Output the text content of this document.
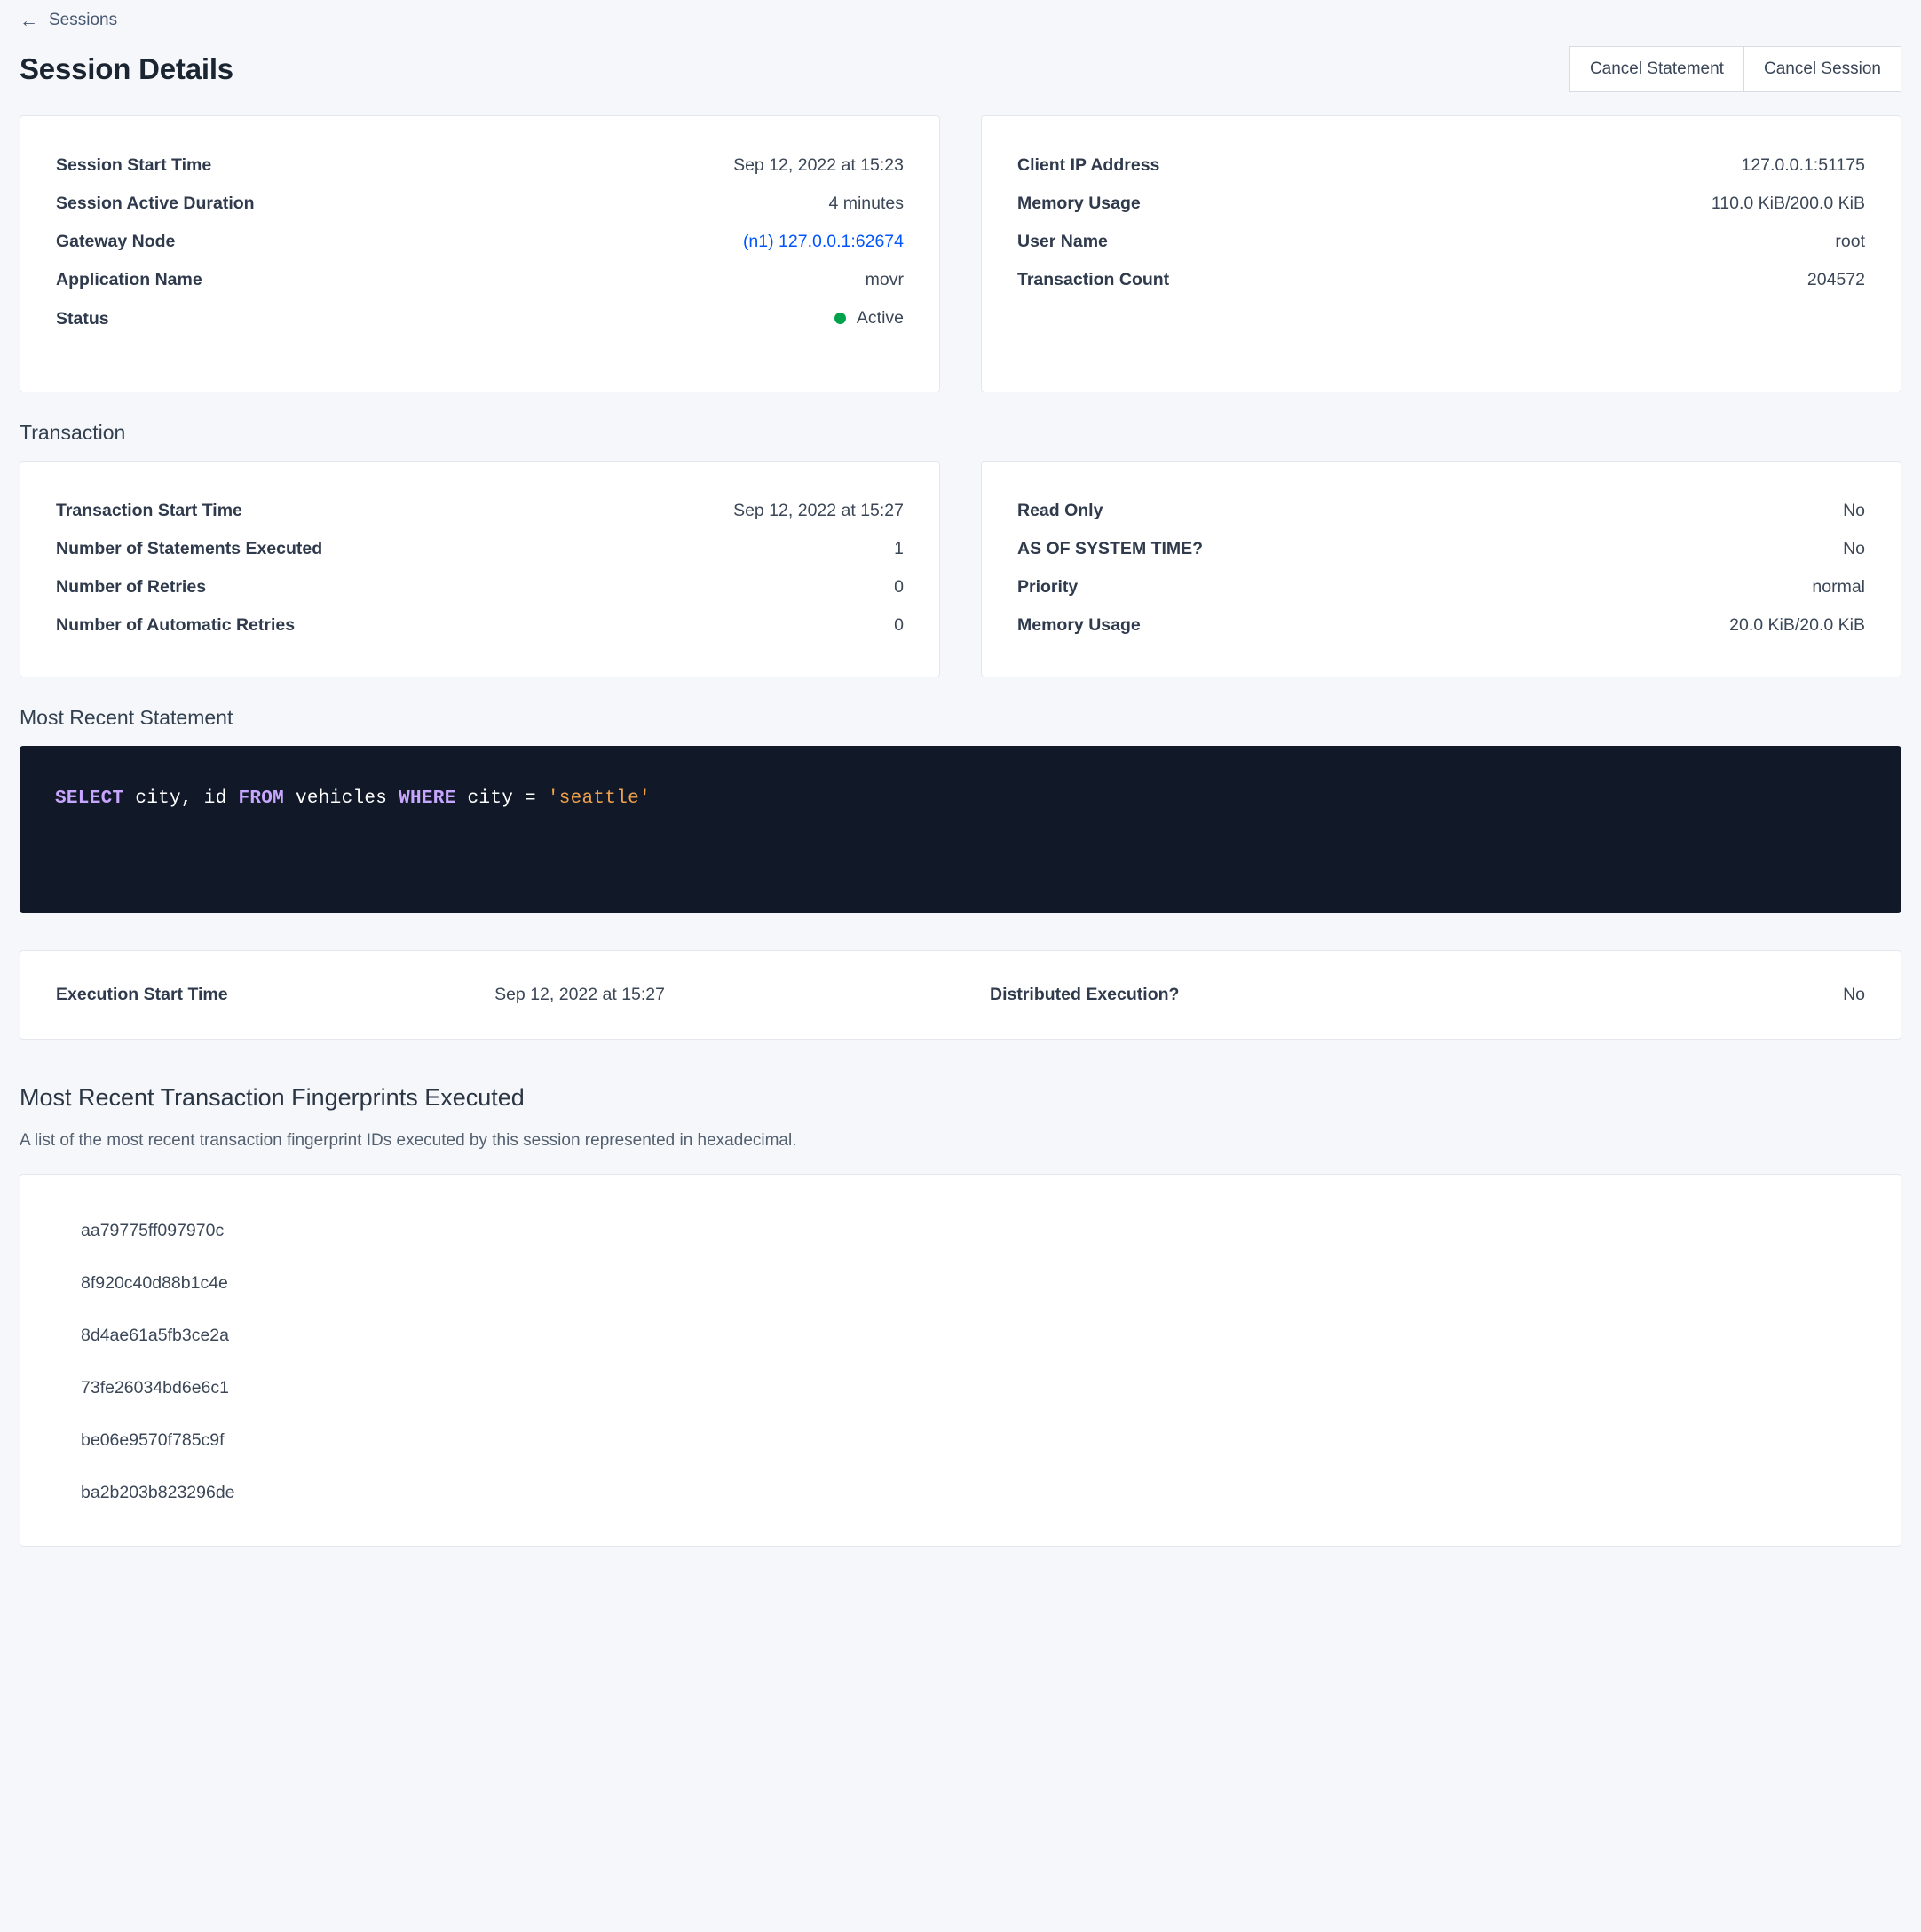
← Sessions
Session Details	Cancel Statement	Cancel Session
Session Start Time	Sep 12, 2022 at 15:23
Session Active Duration	4 minutes
Gateway Node	(n1) 127.0.0.1:62674
Application Name	movr
Status	Active
Client IP Address	127.0.0.1:51175
Memory Usage	110.0 KiB/200.0 KiB
User Name	root
Transaction Count	204572
Transaction
Transaction Start Time	Sep 12, 2022 at 15:27
Number of Statements Executed	1
Number of Retries	0
Number of Automatic Retries	0
Read Only	No
AS OF SYSTEM TIME?	No
Priority	normal
Memory Usage	20.0 KiB/20.0 KiB
Most Recent Statement
SELECT city, id FROM vehicles WHERE city = 'seattle'
Execution Start Time	Sep 12, 2022 at 15:27	Distributed Execution?	No
Most Recent Transaction Fingerprints Executed
A list of the most recent transaction fingerprint IDs executed by this session represented in hexadecimal.
aa79775ff097970c
8f920c40d88b1c4e
8d4ae61a5fb3ce2a
73fe26034bd6e6c1
be06e9570f785c9f
ba2b203b823296de
